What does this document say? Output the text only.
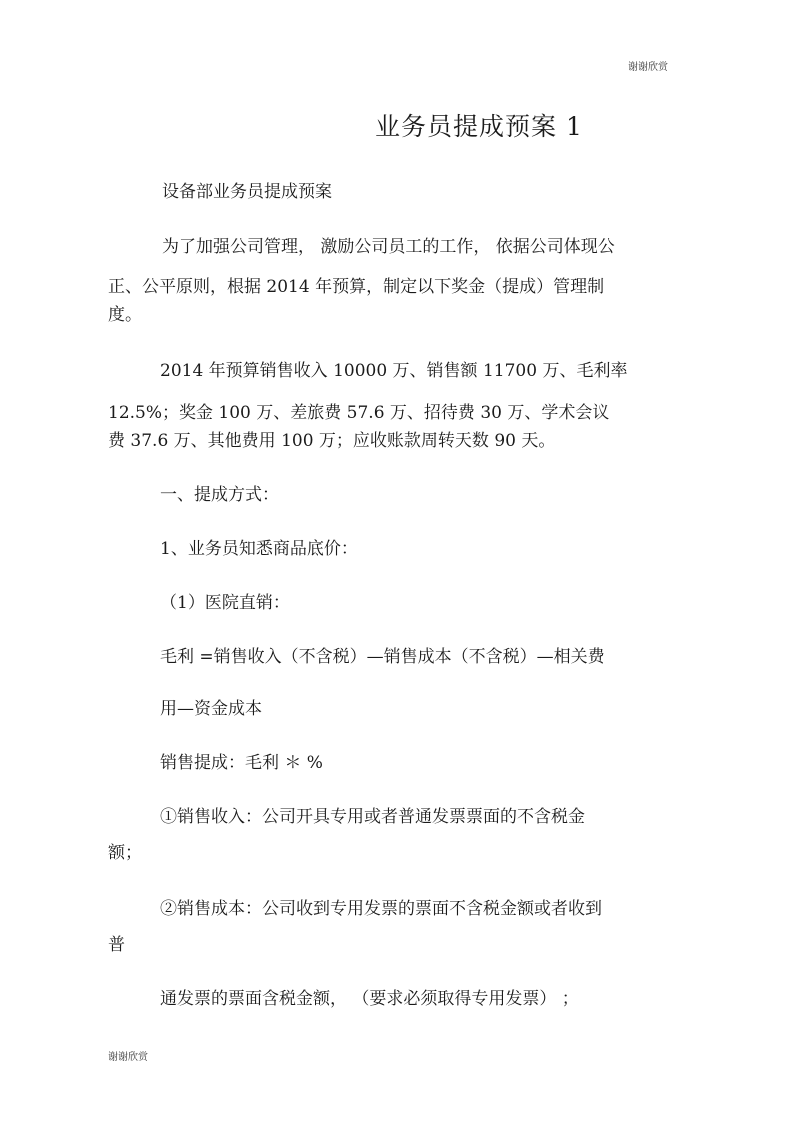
谢谢欣赏
业务员提成预案 1
设备部业务员提成预案
为了加强公司管理， 激励公司员工的工作， 依据公司体现公
正、公平原则，根据 2014 年预算，制定以下奖金（提成）管理制
度。
2014 年预算销售收入 10000 万、销售额 11700 万、毛利率
12.5%；奖金 100 万、差旅费 57.6 万、招待费 30 万、学术会议
费 37.6 万、其他费用 100 万；应收账款周转天数 90 天。
一、提成方式：
1、业务员知悉商品底价：
（1）医院直销：
毛利 =销售收入（不含税）—销售成本（不含税）—相关费
用—资金成本
销售提成：毛利 ＊ %
①销售收入：公司开具专用或者普通发票票面的不含税金
额；
②销售成本：公司收到专用发票的票面不含税金额或者收到
普
通发票的票面含税金额， （要求必须取得专用发票） ；
谢谢欣赏
